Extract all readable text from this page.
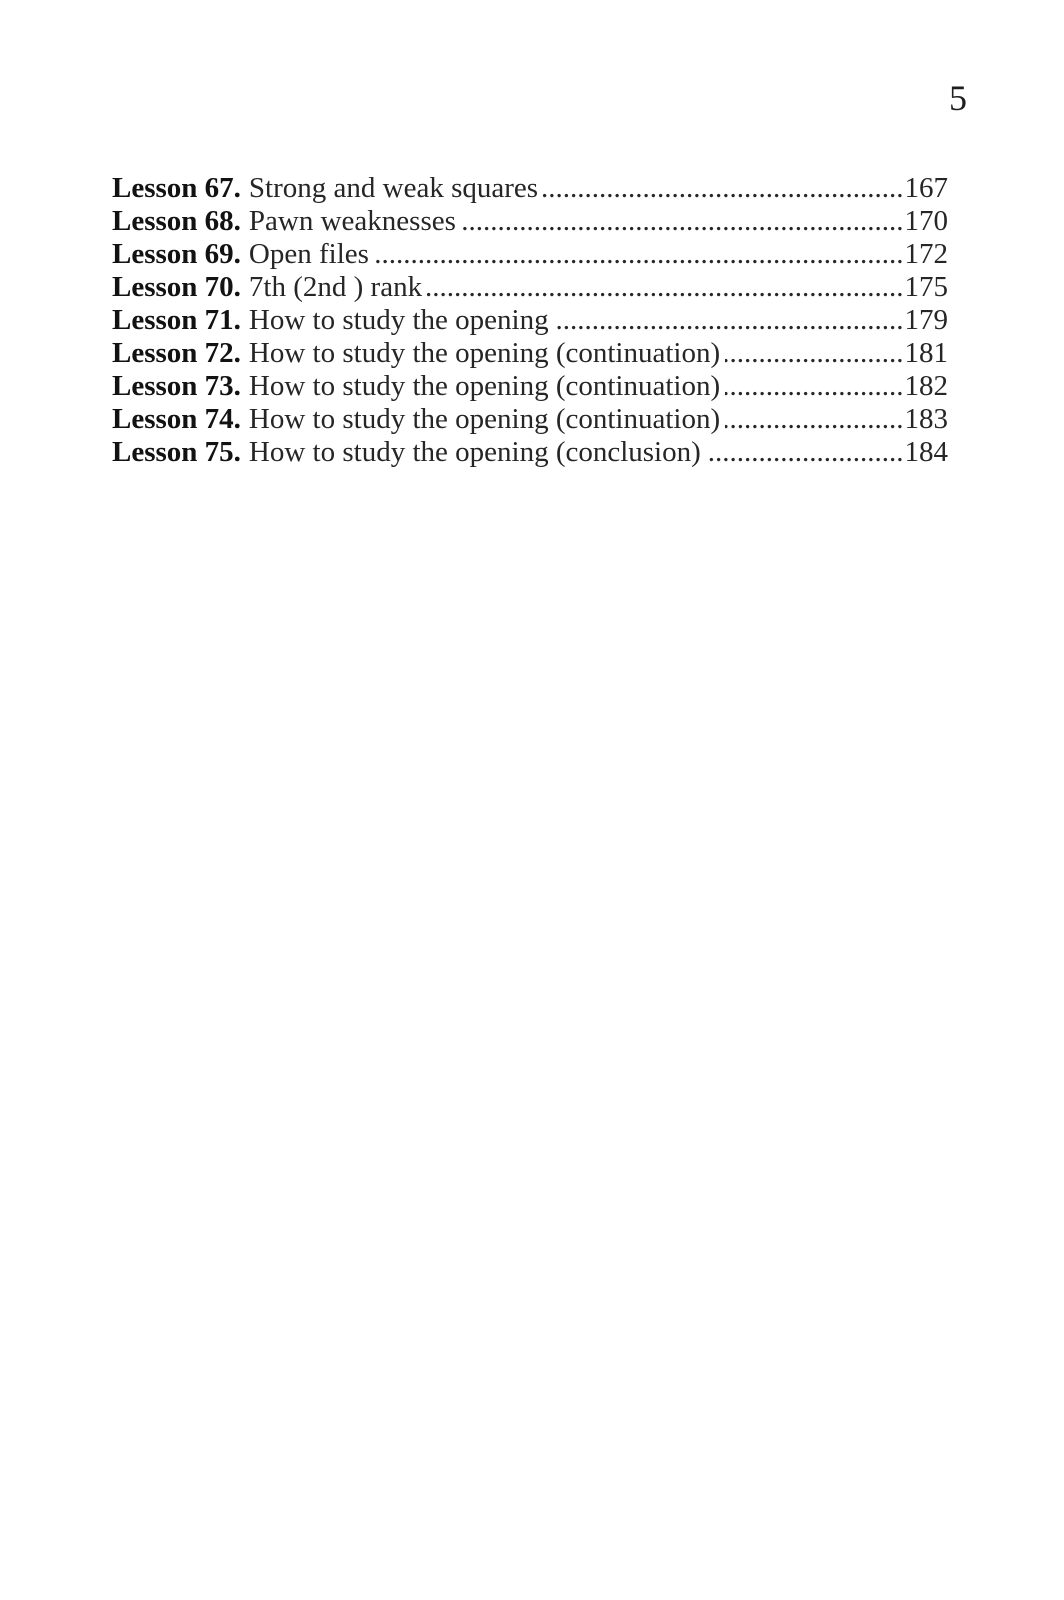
5
Lesson 67. Strong and weak squares .....	167
Lesson 68. Pawn weaknesses .....	170
Lesson 69. Open files .....	172
Lesson 70. 7th (2nd ) rank .....	175
Lesson 71. How to study the opening .....	179
Lesson 72. How to study the opening (continuation) .....	181
Lesson 73. How to study the opening (continuation) .....	182
Lesson 74. How to study the opening (continuation) .....	183
Lesson 75. How to study the opening (conclusion) .....	184
